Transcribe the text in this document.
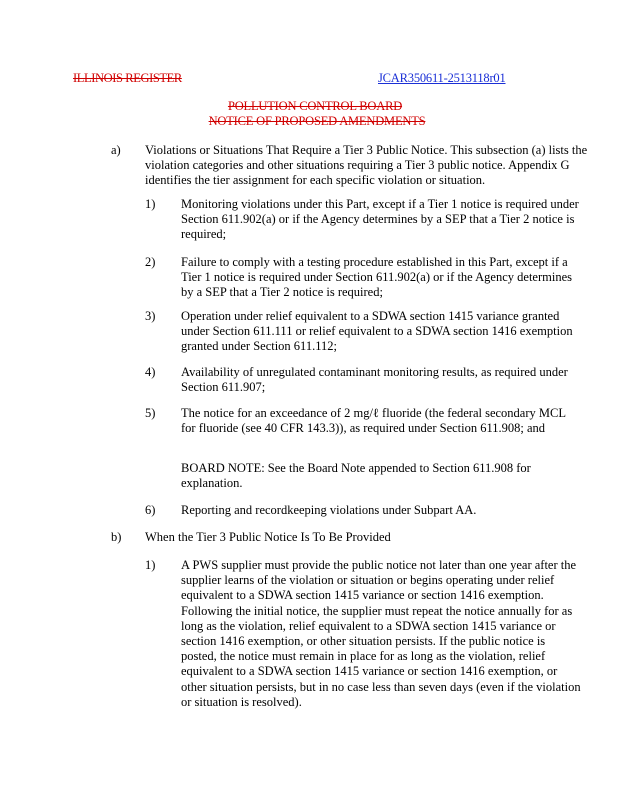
ILLINOIS REGISTER	JCAR350611-2513118r01
POLLUTION CONTROL BOARD
NOTICE OF PROPOSED AMENDMENTS
a) Violations or Situations That Require a Tier 3 Public Notice. This subsection (a) lists the violation categories and other situations requiring a Tier 3 public notice. Appendix G identifies the tier assignment for each specific violation or situation.
1) Monitoring violations under this Part, except if a Tier 1 notice is required under Section 611.902(a) or if the Agency determines by a SEP that a Tier 2 notice is required;
2) Failure to comply with a testing procedure established in this Part, except if a Tier 1 notice is required under Section 611.902(a) or if the Agency determines by a SEP that a Tier 2 notice is required;
3) Operation under relief equivalent to a SDWA section 1415 variance granted under Section 611.111 or relief equivalent to a SDWA section 1416 exemption granted under Section 611.112;
4) Availability of unregulated contaminant monitoring results, as required under Section 611.907;
5) The notice for an exceedance of 2 mg/ℓ fluoride (the federal secondary MCL for fluoride (see 40 CFR 143.3)), as required under Section 611.908; and
BOARD NOTE: See the Board Note appended to Section 611.908 for explanation.
6) Reporting and recordkeeping violations under Subpart AA.
b) When the Tier 3 Public Notice Is To Be Provided
1) A PWS supplier must provide the public notice not later than one year after the supplier learns of the violation or situation or begins operating under relief equivalent to a SDWA section 1415 variance or section 1416 exemption. Following the initial notice, the supplier must repeat the notice annually for as long as the violation, relief equivalent to a SDWA section 1415 variance or section 1416 exemption, or other situation persists. If the public notice is posted, the notice must remain in place for as long as the violation, relief equivalent to a SDWA section 1415 variance or section 1416 exemption, or other situation persists, but in no case less than seven days (even if the violation or situation is resolved).
